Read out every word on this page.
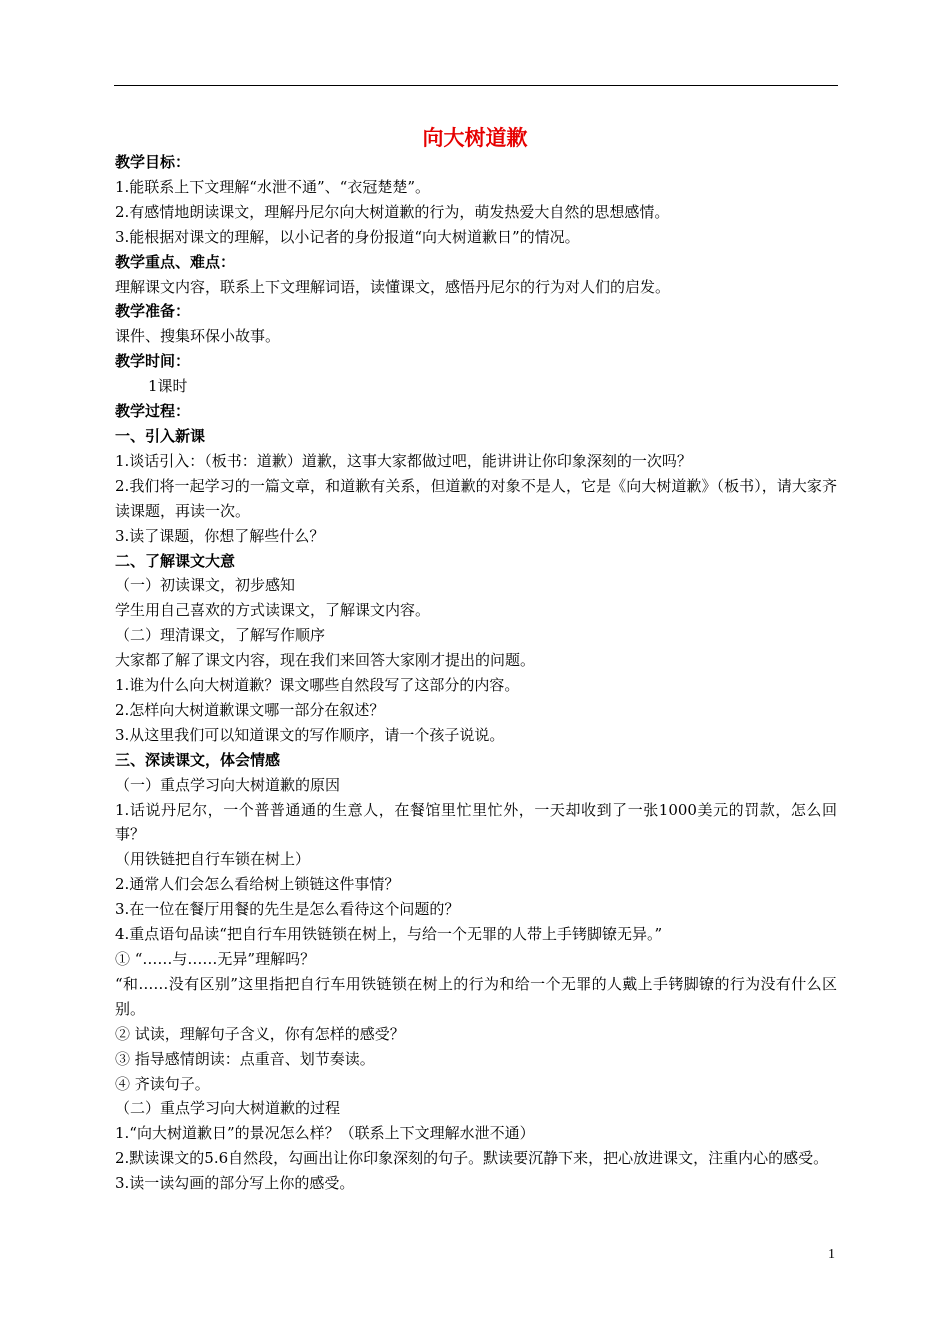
向大树道歉
教学目标：
1.能联系上下文理解“水泄不通”、“衣冠楚楚”。
2.有感情地朗读课文，理解丹尼尔向大树道歉的行为，萌发热爱大自然的思想感情。
3.能根据对课文的理解，以小记者的身份报道“向大树道歉日”的情况。
教学重点、难点：
理解课文内容，联系上下文理解词语，读懂课文，感悟丹尼尔的行为对人们的启发。
教学准备：
课件、搜集环保小故事。
教学时间：
1课时
教学过程：
一、引入新课
1.谈话引入：（板书：道歉）道歉，这事大家都做过吧，能讲讲让你印象深刻的一次吗？
2.我们将一起学习的一篇文章，和道歉有关系，但道歉的对象不是人，它是《向大树道歉》（板书），请大家齐读课题，再读一次。
3.读了课题，你想了解些什么？
二、了解课文大意
（一）初读课文，初步感知
学生用自己喜欢的方式读课文，了解课文内容。
（二）理清课文，了解写作顺序
大家都了解了课文内容，现在我们来回答大家刚才提出的问题。
1.谁为什么向大树道歉？课文哪些自然段写了这部分的内容。
2.怎样向大树道歉课文哪一部分在叙述？
3.从这里我们可以知道课文的写作顺序，请一个孩子说说。
三、深读课文，体会情感
（一）重点学习向大树道歉的原因
1.话说丹尼尔，一个普普通通的生意人，在餐馆里忙里忙外，一天却收到了一张1000美元的罚款，怎么回事？
（用铁链把自行车锁在树上）
2.通常人们会怎么看给树上锁链这件事情？
3.在一位在餐厅用餐的先生是怎么看待这个问题的？
4.重点语句品读“把自行车用铁链锁在树上，与给一个无罪的人带上手铐脚镣无异。”
① “……与……无异”理解吗？
“和……没有区别”这里指把自行车用铁链锁在树上的行为和给一个无罪的人戴上手铐脚镣的行为没有什么区别。
② 试读，理解句子含义，你有怎样的感受？
③ 指导感情朗读：点重音、划节奏读。
④ 齐读句子。
（二）重点学习向大树道歉的过程
1.“向大树道歉日”的景况怎么样？（联系上下文理解水泄不通）
2.默读课文的5.6自然段，勾画出让你印象深刻的句子。默读要沉静下来，把心放进课文，注重内心的感受。
3.读一读勾画的部分写上你的感受。
1
